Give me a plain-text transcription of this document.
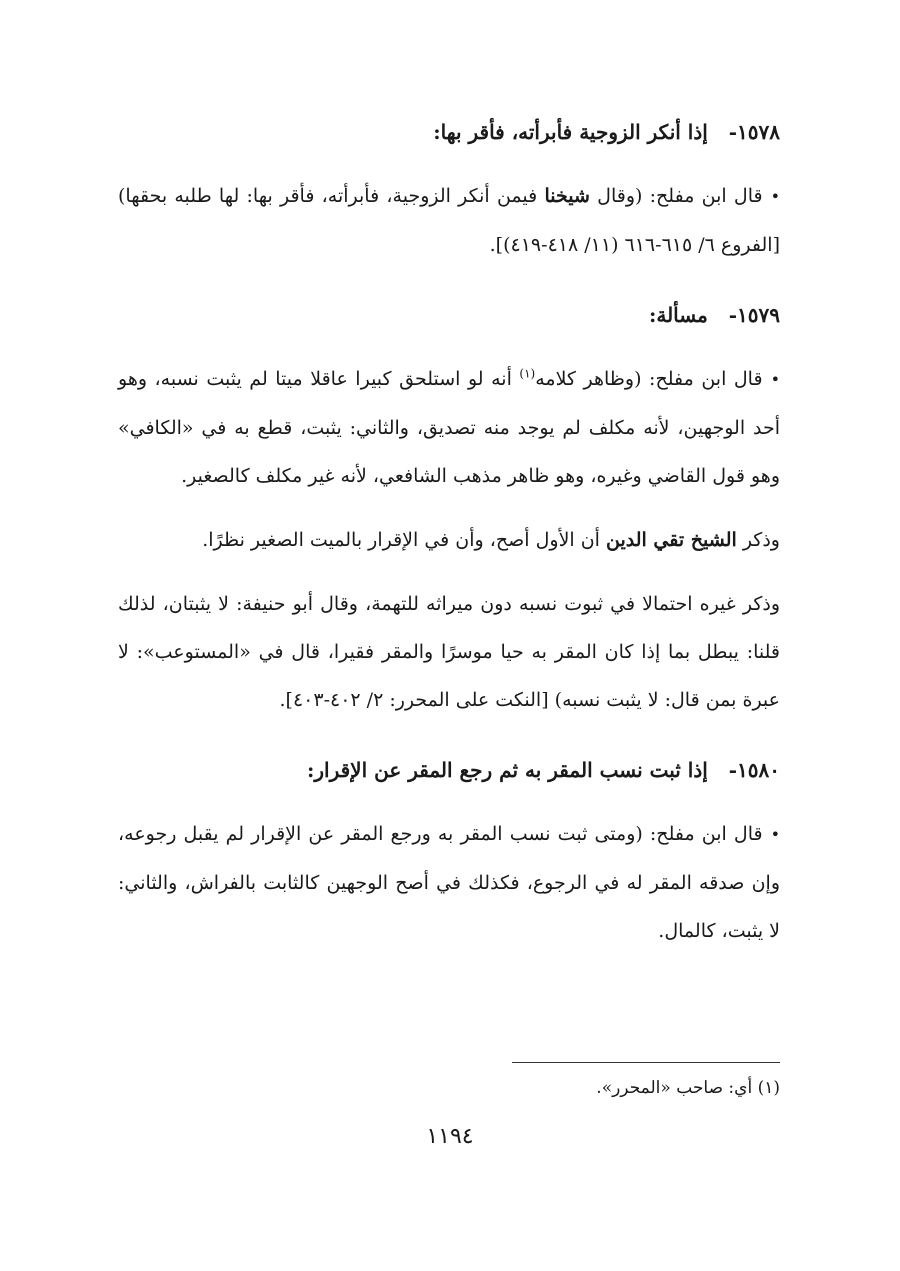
١٥٧٨-   إذا أنكر الزوجية فأبرأته، فأقر بها:
•قال ابن مفلح: (وقال شيخنا فيمن أنكر الزوجية، فأبرأته، فأقر بها: لها طلبه بحقها) [الفروع ٦/ ٦١٥-٦١٦ (١١/ ٤١٨-٤١٩)].
١٥٧٩-   مسألة:
•قال ابن مفلح: (وظاهر كلامه$^{(١)}$ أنه لو استلحق كبيرا عاقلا ميتا لم يثبت نسبه، وهو أحد الوجهين، لأنه مكلف لم يوجد منه تصديق، والثاني: يثبت، قطع به في «الكافي» وهو قول القاضي وغيره، وهو ظاهر مذهب الشافعي، لأنه غير مكلف كالصغير.
وذكر الشيخ تقي الدين أن الأول أصح، وأن في الإقرار بالميت الصغير نظرًا.
وذكر غيره احتمالا في ثبوت نسبه دون ميراثه للتهمة، وقال أبو حنيفة: لا يثبتان، لذلك قلنا: يبطل بما إذا كان المقر به حيا موسرًا والمقر فقيرا، قال في «المستوعب»: لا عبرة بمن قال: لا يثبت نسبه) [النكت على المحرر: ٢/ ٤٠٢-٤٠٣].
١٥٨٠-   إذا ثبت نسب المقر به ثم رجع المقر عن الإقرار:
•قال ابن مفلح: (ومتى ثبت نسب المقر به ورجع المقر عن الإقرار لم يقبل رجوعه، وإن صدقه المقر له في الرجوع، فكذلك في أصح الوجهين كالثابت بالفراش، والثاني: لا يثبت، كالمال.
(١) أي: صاحب «المحرر».
١١٩٤
